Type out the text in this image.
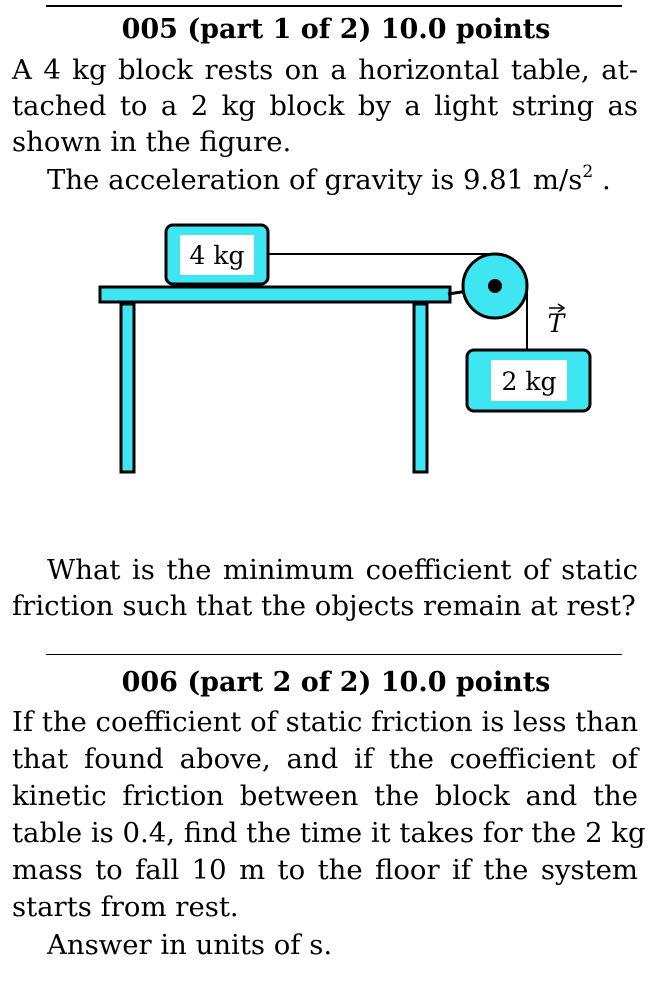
005 (part 1 of 2) 10.0 points
A 4 kg block rests on a horizontal table, at-
tached to a 2 kg block by a light string as
shown in the figure.
The acceleration of gravity is 9.81 $m/s^2$ .
4 kg
2 kg
T
What is the minimum coefficient of static
friction such that the objects remain at rest?
006 (part 2 of 2) 10.0 points
If the coefficient of static friction is less than
that found above, and if the coefficient of
kinetic friction between the block and the
table is 0.4, find the time it takes for the 2 kg
mass to fall 10 m to the floor if the system
starts from rest.
Answer in units of s.
